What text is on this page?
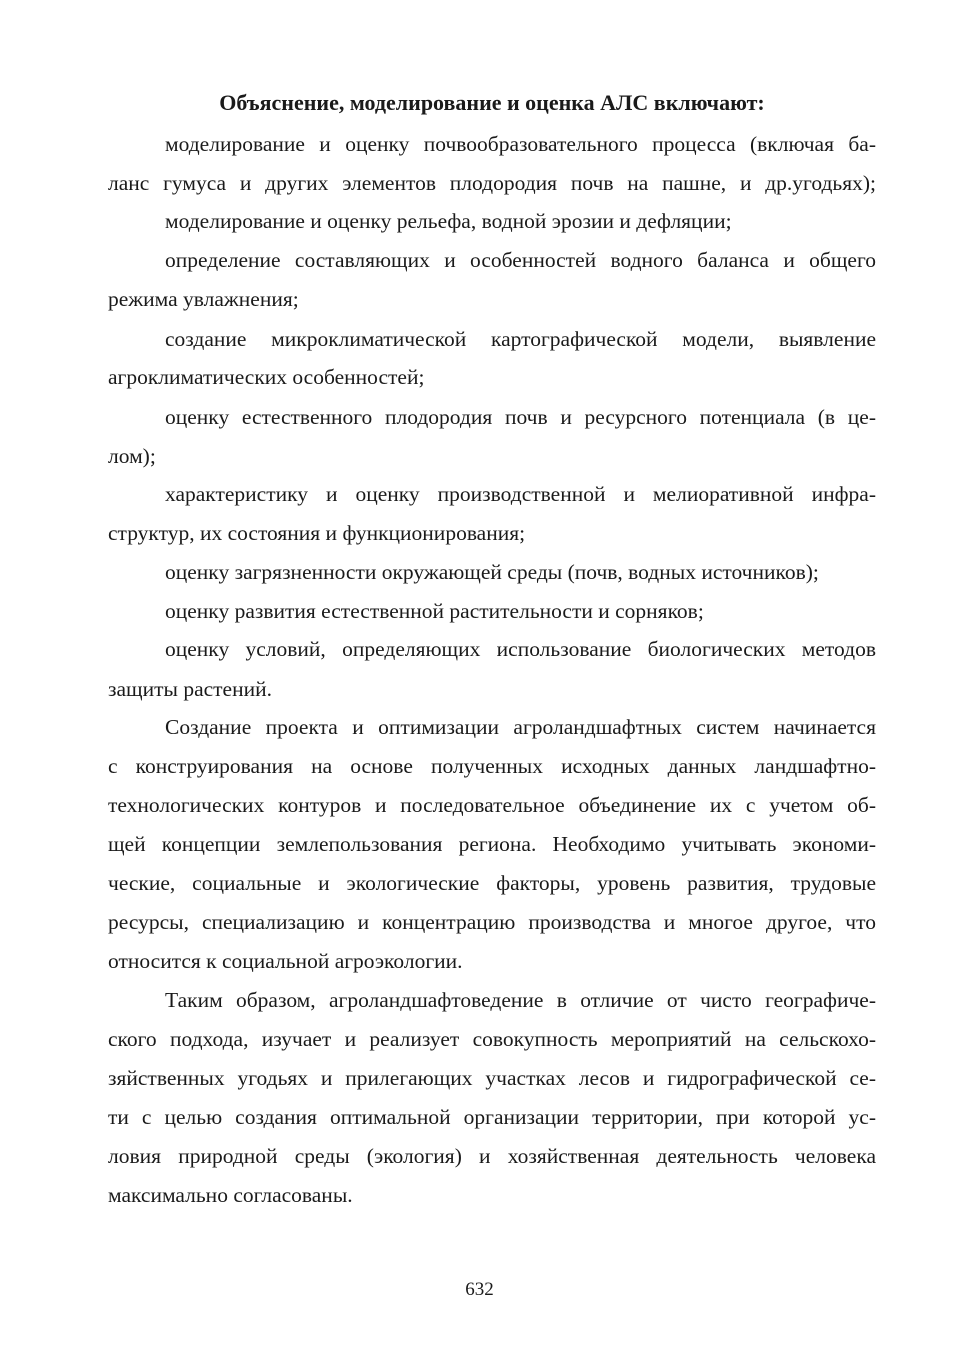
Объяснение, моделирование и оценка АЛС включают:

моделирование и оценку почвообразовательного процесса (включая ба-

ланс гумуса и других элементов плодородия почв на пашне, и др.угодьях);

моделирование и оценку рельефа, водной эрозии и дефляции;

определение составляющих и особенностей водного баланса и общего

режима увлажнения;

создание микроклиматической картографической модели, выявление

агроклиматических особенностей;

оценку естественного плодородия почв и ресурсного потенциала (в це-

лом);

характеристику и оценку производственной и мелиоративной инфра-

структур, их состояния и функционирования;

оценку загрязненности окружающей среды (почв, водных источников);

оценку развития естественной растительности и сорняков;

оценку условий, определяющих использование биологических методов

защиты растений.

Создание проекта и оптимизации агроландшафтных систем начинается

с конструирования на основе полученных исходных данных ландшафтно-

технологических контуров и последовательное объединение их с учетом об-

щей концепции землепользования региона. Необходимо учитывать экономи-

ческие, социальные и экологические факторы, уровень развития, трудовые

ресурсы, специализацию и концентрацию производства и многое другое, что

относится к социальной агроэкологии.

Таким образом, агроландшафтоведение в отличие от чисто географиче-

ского подхода, изучает и реализует совокупность мероприятий на сельскохо-

зяйственных угодьях и прилегающих участках лесов и гидрографической се-

ти с целью создания оптимальной организации территории, при которой ус-

ловия природной среды (экология) и хозяйственная деятельность человека

максимально согласованы.

632
